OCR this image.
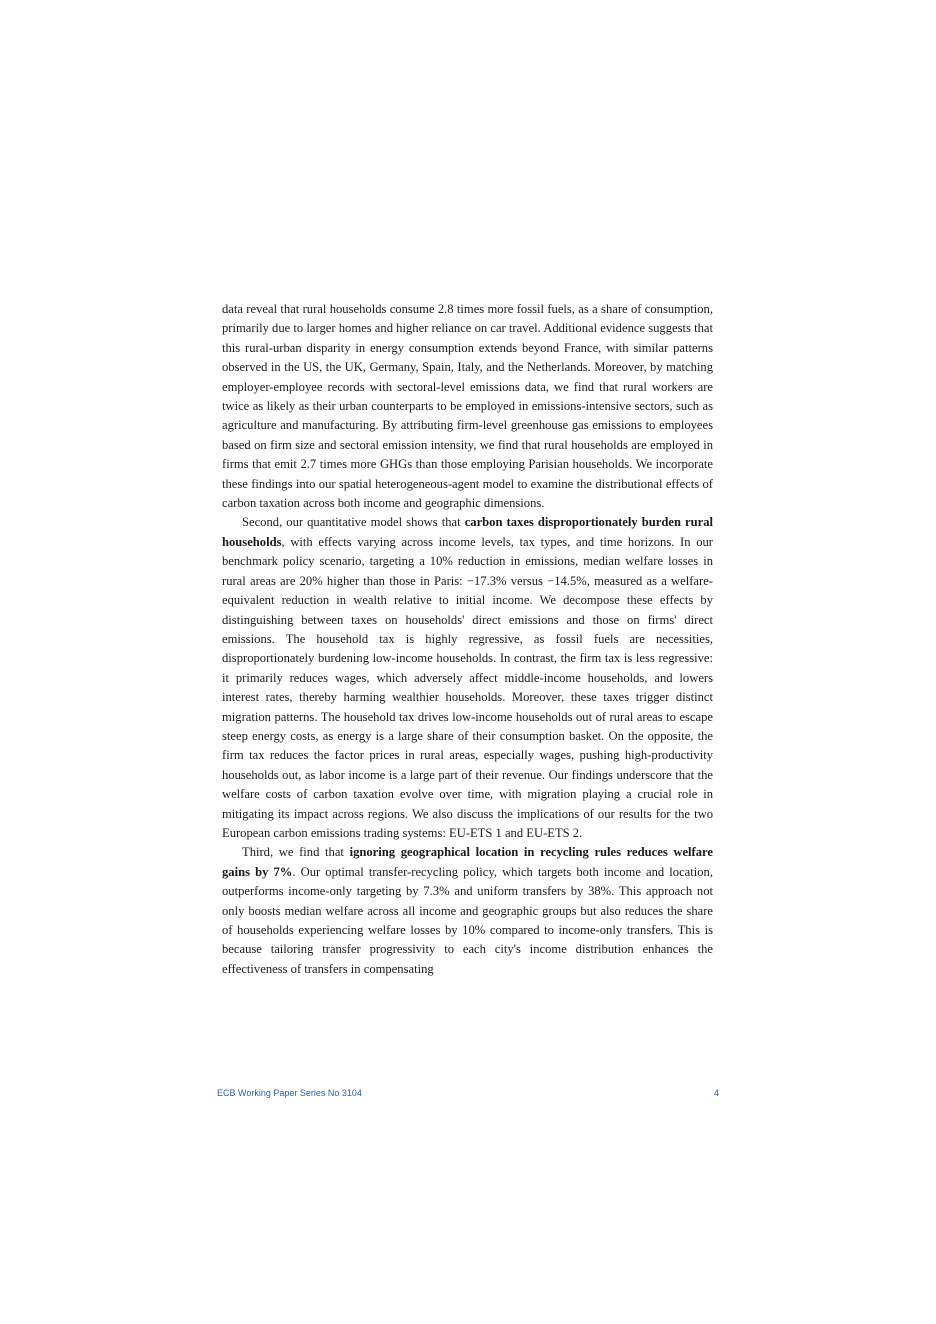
data reveal that rural households consume 2.8 times more fossil fuels, as a share of consumption, primarily due to larger homes and higher reliance on car travel. Additional evidence suggests that this rural-urban disparity in energy consumption extends beyond France, with similar patterns observed in the US, the UK, Germany, Spain, Italy, and the Netherlands. Moreover, by matching employer-employee records with sectoral-level emissions data, we find that rural workers are twice as likely as their urban counterparts to be employed in emissions-intensive sectors, such as agriculture and manufacturing. By attributing firm-level greenhouse gas emissions to employees based on firm size and sectoral emission intensity, we find that rural households are employed in firms that emit 2.7 times more GHGs than those employing Parisian households. We incorporate these findings into our spatial heterogeneous-agent model to examine the distributional effects of carbon taxation across both income and geographic dimensions.

Second, our quantitative model shows that carbon taxes disproportionately burden rural households, with effects varying across income levels, tax types, and time horizons. In our benchmark policy scenario, targeting a 10% reduction in emissions, median welfare losses in rural areas are 20% higher than those in Paris: −17.3% versus −14.5%, measured as a welfare-equivalent reduction in wealth relative to initial income. We decompose these effects by distinguishing between taxes on households' direct emissions and those on firms' direct emissions. The household tax is highly regressive, as fossil fuels are necessities, disproportionately burdening low-income households. In contrast, the firm tax is less regressive: it primarily reduces wages, which adversely affect middle-income households, and lowers interest rates, thereby harming wealthier households. Moreover, these taxes trigger distinct migration patterns. The household tax drives low-income households out of rural areas to escape steep energy costs, as energy is a large share of their consumption basket. On the opposite, the firm tax reduces the factor prices in rural areas, especially wages, pushing high-productivity households out, as labor income is a large part of their revenue. Our findings underscore that the welfare costs of carbon taxation evolve over time, with migration playing a crucial role in mitigating its impact across regions. We also discuss the implications of our results for the two European carbon emissions trading systems: EU-ETS 1 and EU-ETS 2.

Third, we find that ignoring geographical location in recycling rules reduces welfare gains by 7%. Our optimal transfer-recycling policy, which targets both income and location, outperforms income-only targeting by 7.3% and uniform transfers by 38%. This approach not only boosts median welfare across all income and geographic groups but also reduces the share of households experiencing welfare losses by 10% compared to income-only transfers. This is because tailoring transfer progressivity to each city's income distribution enhances the effectiveness of transfers in compensating

ECB Working Paper Series No 3104	4
